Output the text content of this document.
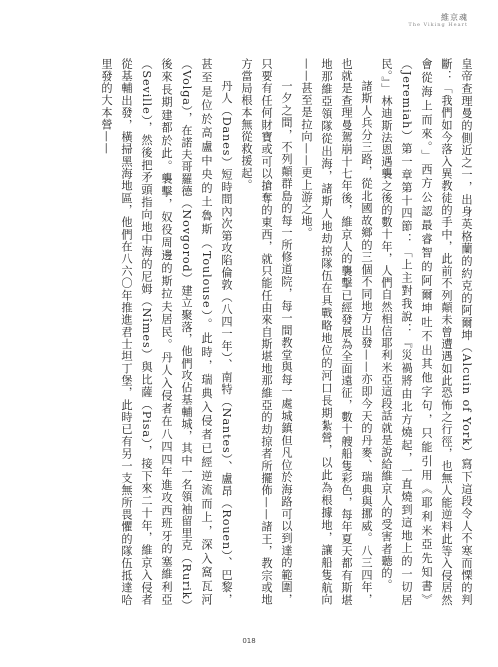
維京魂
The Viking Heart

皇帝查理曼的側近之一，出身英格蘭的約克的阿爾坤（Alcuin of York）寫下這段令人不寒而慄的判斷：「我們如今落入異教徒的手中，此前不列顛未曾遭遇如此恐怖之行徑，也無人能逆料此等入侵居然會從海上而來。」西方公認最睿智的阿爾坤吐不出其他字句，只能引用《耶利米亞先知書》（Jeremiah）第一章第十四節：「上主對我說：『災禍將由北方燒起，一直燒到這地上的一切居民。』」林迪斯法恩遇襲之後的數十年，人們自然相信耶利米亞這段話就是說給維京人的受害者聽的。

諸斯人兵分三路，從北國故鄉的三個不同地方出發——亦即今天的丹麥、瑞典與挪威。八三四年，也就是查理曼駕崩十七年後，維京人的襲擊已經發展為全面遠征，數十艘船隻彩色，每年夏天都有斯堪地那維亞領隊從出海，諸斯人地劫掠隊伍在具戰略地位的河口長期紮營，以此為根據地，讓船隻航向——甚至是拉向——更上游之地。

一夕之間，不列顛群島的每一所修道院，每一間教堂與每一處城鎮但凡位於海路可以到達的範圍，只要有任何財寶或可以搶奪的東西，就只能任由來自斯堪地那維亞的劫掠者所擺佈——諸王，教宗或地方當局根本無從救援起。

丹人（Danes）短時間內次第攻陷倫敦（八四一年）、南特（Nantes）、盧昂（Rouen）、巴黎，甚至是位於高盧中央的土魯斯（Toulouse）。此時，瑞典入侵者已經逆流而上，深入窩瓦河（Volga），在諾夫哥羅德（Novgorod）建立聚落，他們攻佔基輔城，其中一名領袖留里克（Rurik）後來長期建都於此。襲擊，奴役周邊的斯拉夫居民。丹人入侵者在八四四年進攻西班牙的塞維利亞（Seville），然後把矛頭指向地中海的尼姆（Nîmes）與比薩（Pisa），接下來二十年，維京入侵者從基輔出發，橫掃黑海地區，他們在八六〇年推進君士坦丁堡，此時已有另一支無所畏懼的隊伍抵達哈里發的大本營——

018
